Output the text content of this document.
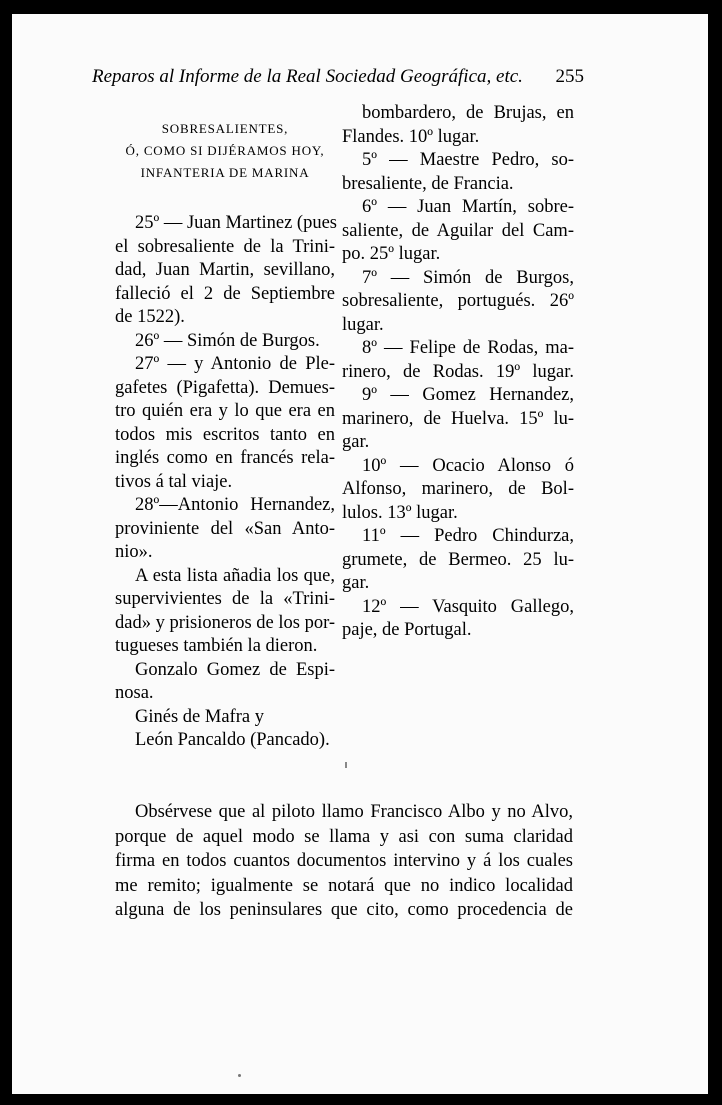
Reparos al Informe de la Real Sociedad Geográfica, etc. 255
SOBRESALIENTES,
Ó, COMO SI DIJÉRAMOS HOY,
INFANTERIA DE MARINA
25º — Juan Martinez (pues
el sobresaliente de la Trini-
dad, Juan Martin, sevillano,
falleció el 2 de Septiembre
de 1522).
26º — Simón de Burgos.
27º — y Antonio de Ple-
gafetes (Pigafetta). Demues-
tro quién era y lo que era en
todos mis escritos tanto en
inglés como en francés rela-
tivos á tal viaje.
28º—Antonio Hernandez,
proviniente del «San Anto-
nio».
A esta lista añadia los que,
supervivientes de la «Trini-
dad» y prisioneros de los por-
tugueses también la dieron.
Gonzalo Gomez de Espi-
nosa.
Ginés de Mafra y
León Pancaldo (Pancado).
bombardero, de Brujas, en
Flandes. 10º lugar.
5º — Maestre Pedro, so-
bresaliente, de Francia.
6º — Juan Martín, sobre-
saliente, de Aguilar del Cam-
po. 25º lugar.
7º — Simón de Burgos,
sobresaliente, portugués. 26º
lugar.
8º — Felipe de Rodas, ma-
rinero, de Rodas. 19º lugar.
9º — Gomez Hernandez,
marinero, de Huelva. 15º lu-
gar.
10º — Ocacio Alonso ó
Alfonso, marinero, de Bol-
lulos. 13º lugar.
11º — Pedro Chindurza,
grumete, de Bermeo. 25 lu-
gar.
12º — Vasquito Gallego,
paje, de Portugal.
Obsérvese que al piloto llamo Francisco Albo y no Alvo,
porque de aquel modo se llama y asi con suma claridad
firma en todos cuantos documentos intervino y á los cuales
me remito; igualmente se notará que no indico localidad
alguna de los peninsulares que cito, como procedencia de
